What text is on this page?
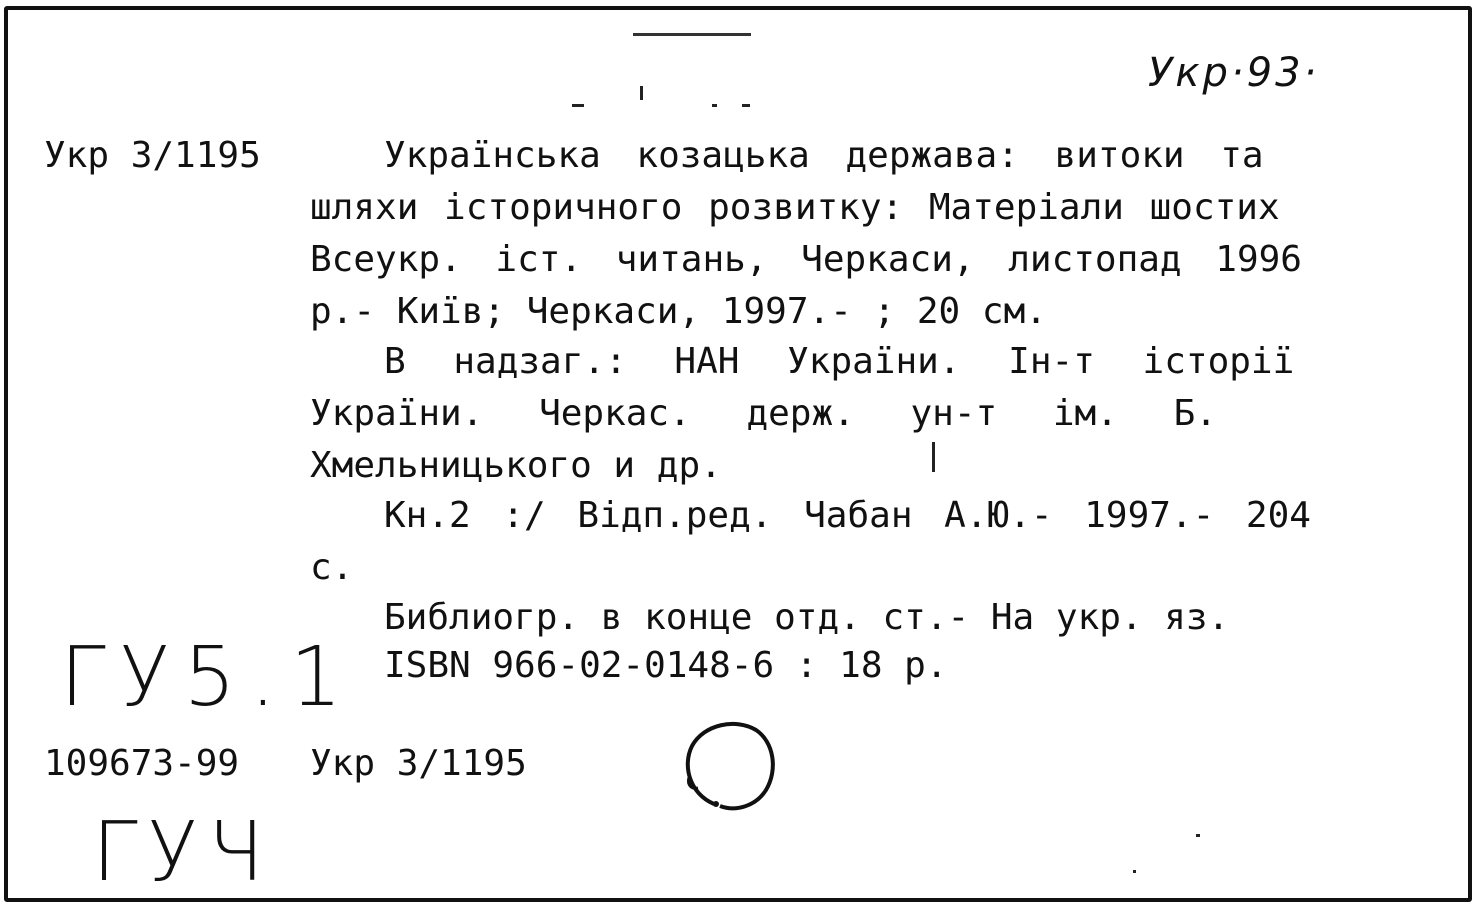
Укр·93·
Укр 3/1195	Українська козацька держава: витоки та
шляхи історичного розвитку: Матеріали шостих
Всеукр. іст. читань, Черкаси, листопад 1996
р.- Київ; Черкаси, 1997.- ; 20 см.
В надзаг.: НАН України. Ін-т історії
України. Черкас. держ. ун-т ім. Б.
Хмельницького и др.
Кн.2 :/ Відп.ред. Чабан А.Ю.- 1997.- 204
с.
Библиогр. в конце отд. ст.- На укр. яз.
ISBN 966-02-0148-6 : 18 р.
ГУ5.1
109673-99 Укр 3/1195
ГУЧ
